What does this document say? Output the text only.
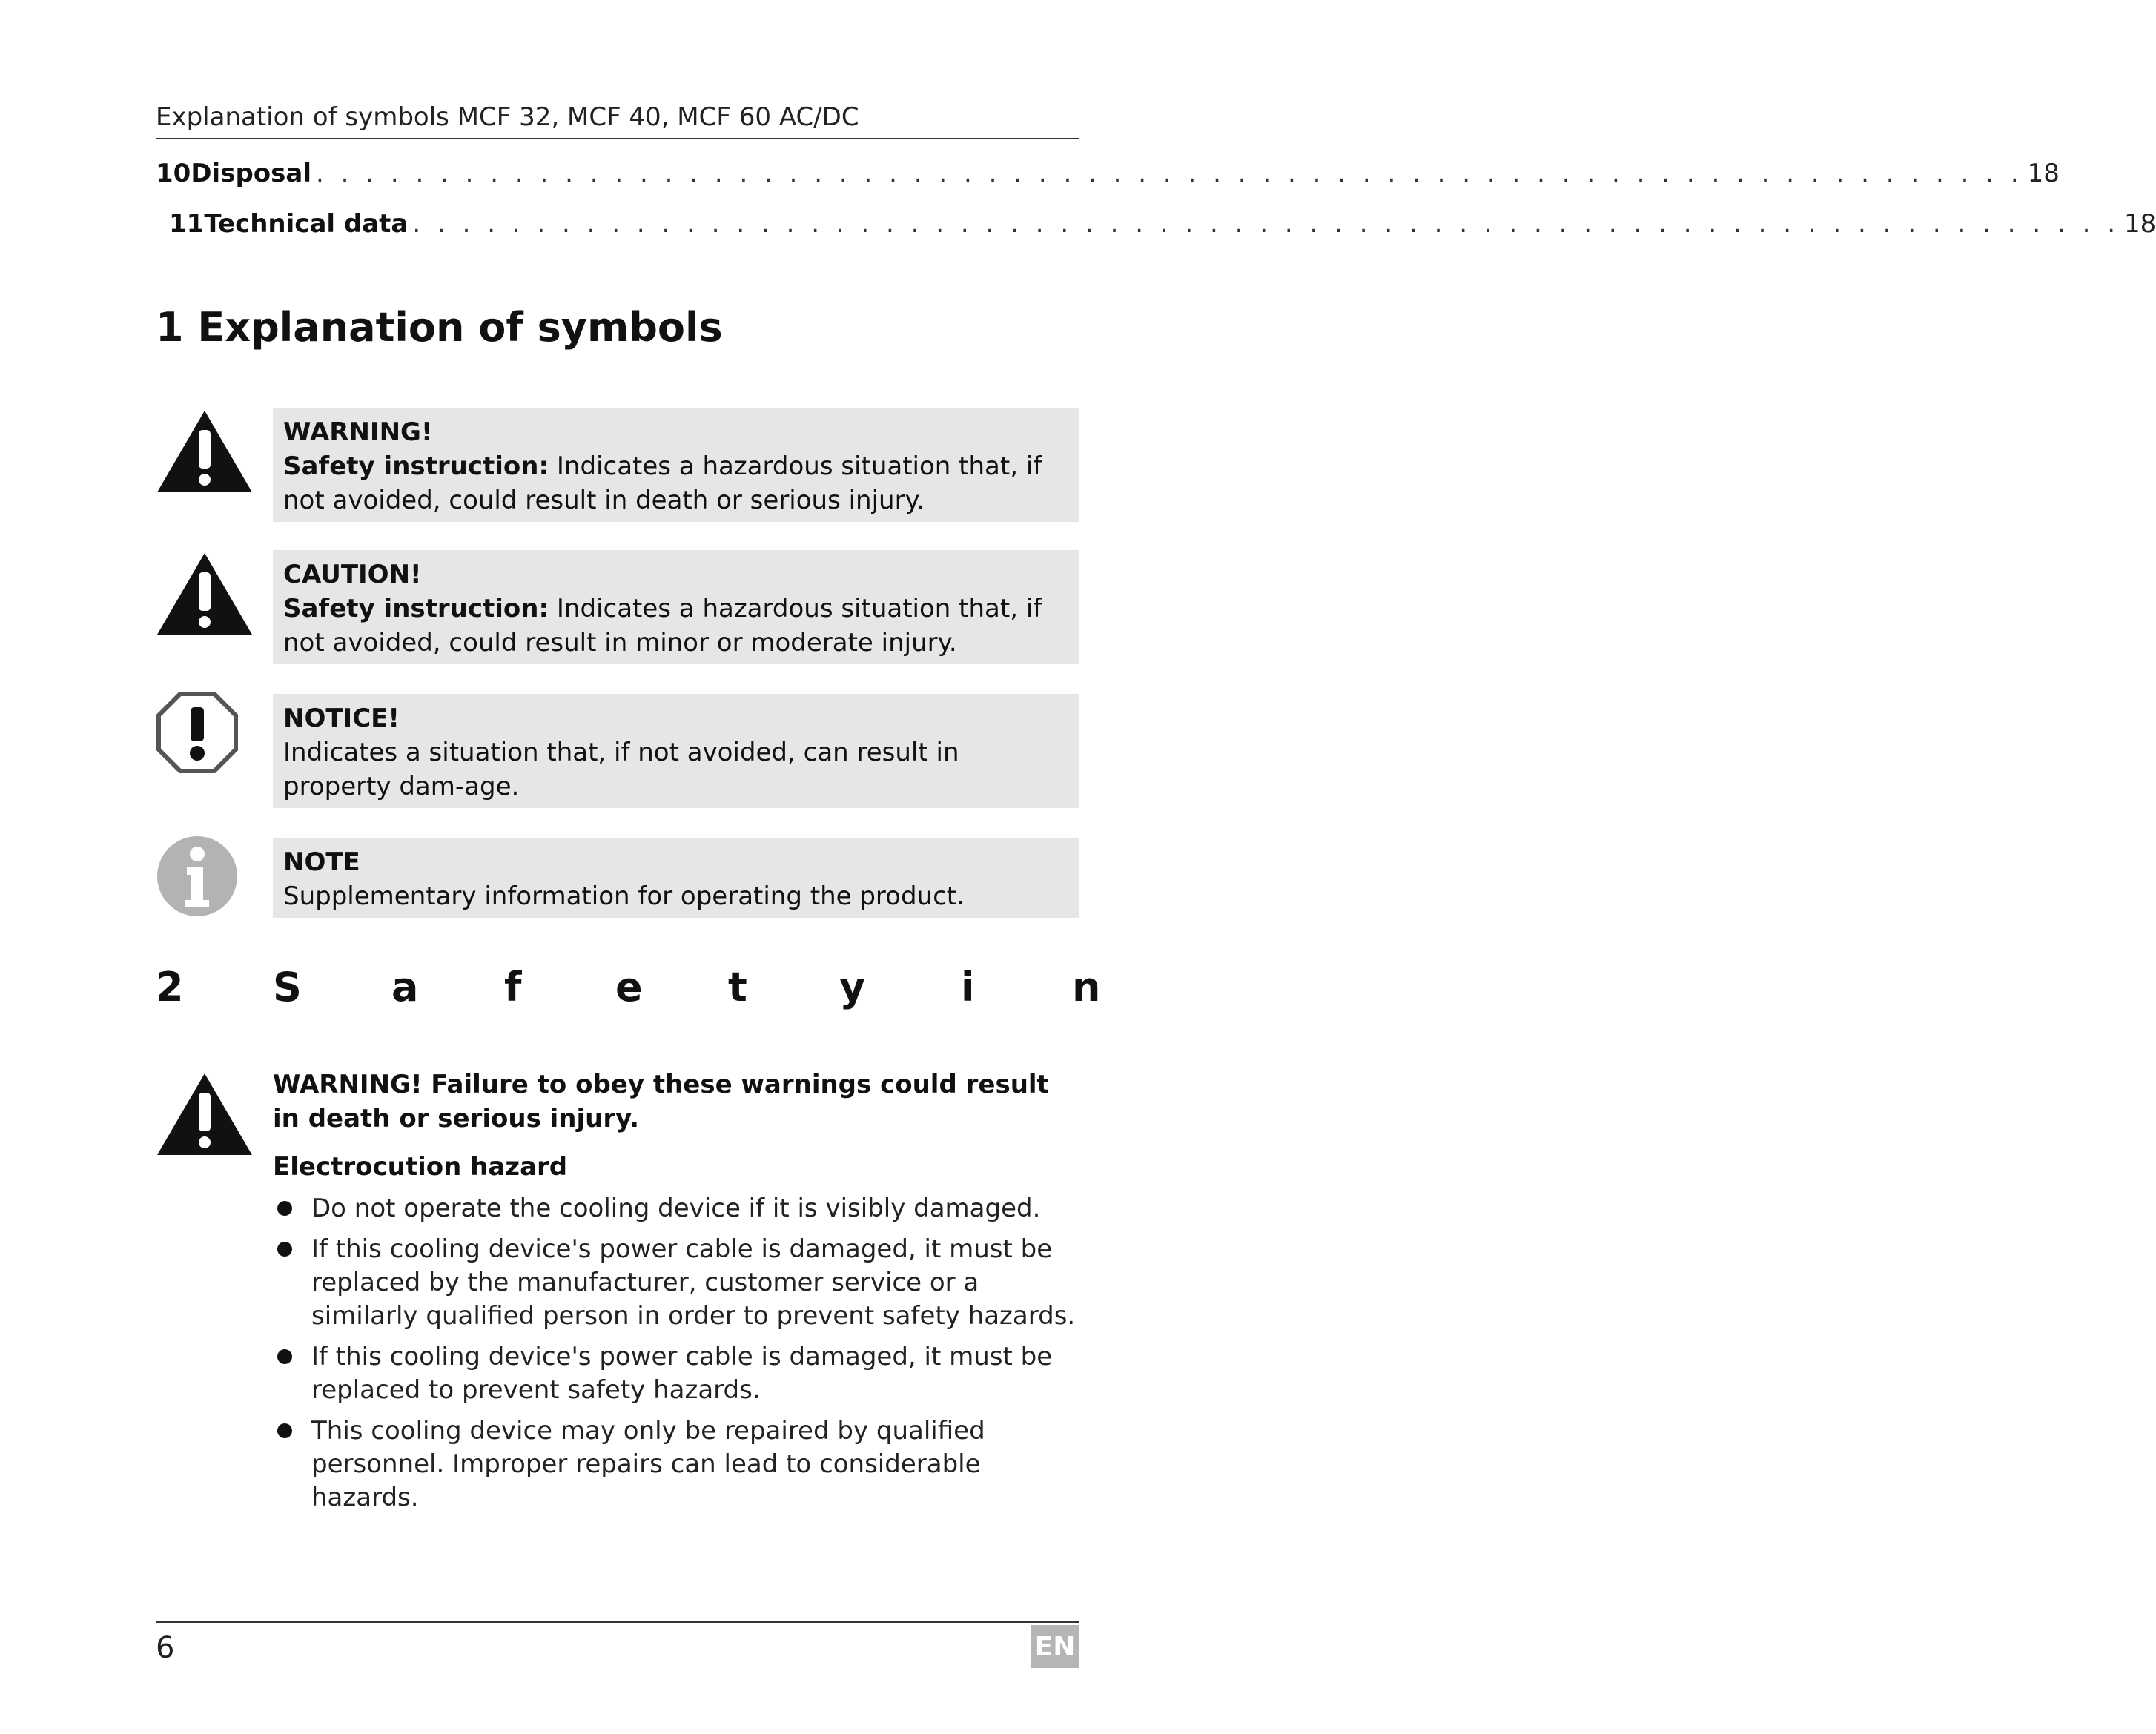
Explanation of symbols MCF 32, MCF 40, MCF 60 AC/DC
10 Disposal . . . . . . . . . . . . . . . . . . . . . . . . . . . . . . . . . . . . . . . . . . . . . . . . . . . . . . . . . . . . . . . . . . . . . 18
11 Technical data . . . . . . . . . . . . . . . . . . . . . . . . . . . . . . . . . . . . . . . . . . . . . . . . . . . . . . . . . . . . . . . . . . . . . 18
1 Explanation of symbols
WARNING!
Safety instruction: Indicates a hazardous situation that, if not avoided, could result in death or serious injury.
CAUTION!
Safety instruction: Indicates a hazardous situation that, if not avoided, could result in minor or moderate injury.
NOTICE!
Indicates a situation that, if not avoided, can result in property dam-age.
NOTE
Supplementary information for operating the product.
2	S	a	f	e	t	y	i	n
WARNING! Failure to obey these warnings could result in death or serious injury.
Electrocution hazard
Do not operate the cooling device if it is visibly damaged.
If this cooling device's power cable is damaged, it must be replaced by the manufacturer, customer service or a similarly qualified person in order to prevent safety hazards.
If this cooling device's power cable is damaged, it must be replaced to prevent safety hazards.
This cooling device may only be repaired by qualified personnel. Improper repairs can lead to considerable hazards.
6	EN
